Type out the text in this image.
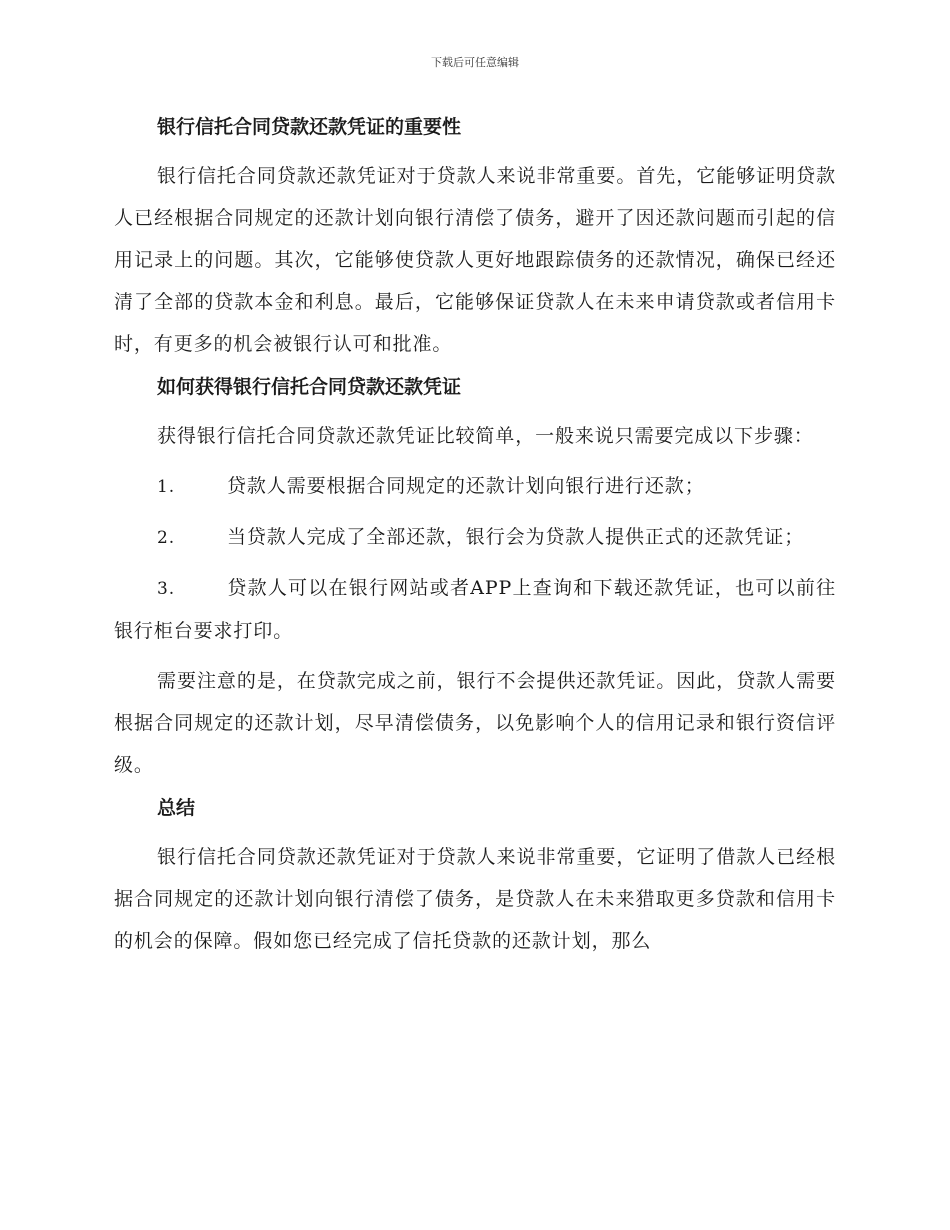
下载后可任意编辑
银行信托合同贷款还款凭证的重要性

银行信托合同贷款还款凭证对于贷款人来说非常重要。首先，它能够证明贷款人已经根据合同规定的还款计划向银行清偿了债务，避开了因还款问题而引起的信用记录上的问题。其次，它能够使贷款人更好地跟踪债务的还款情况，确保已经还清了全部的贷款本金和利息。最后，它能够保证贷款人在未来申请贷款或者信用卡时，有更多的机会被银行认可和批准。

如何获得银行信托合同贷款还款凭证

获得银行信托合同贷款还款凭证比较简单，一般来说只需要完成以下步骤：

1.	贷款人需要根据合同规定的还款计划向银行进行还款；
2.	当贷款人完成了全部还款，银行会为贷款人提供正式的还款凭证；
3.	贷款人可以在银行网站或者APP上查询和下载还款凭证，也可以前往银行柜台要求打印。

需要注意的是，在贷款完成之前，银行不会提供还款凭证。因此，贷款人需要根据合同规定的还款计划，尽早清偿债务，以免影响个人的信用记录和银行资信评级。

总结

银行信托合同贷款还款凭证对于贷款人来说非常重要，它证明了借款人已经根据合同规定的还款计划向银行清偿了债务，是贷款人在未来猎取更多贷款和信用卡的机会的保障。假如您已经完成了信托贷款的还款计划，那么
